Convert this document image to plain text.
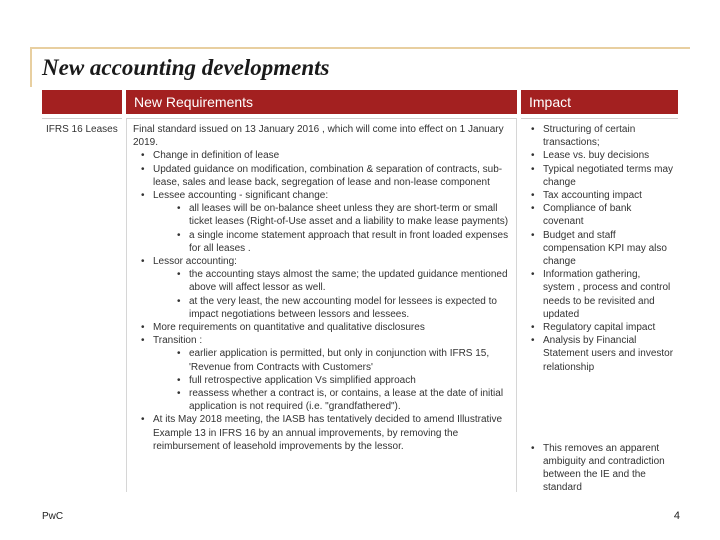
New accounting developments
New Requirements	Impact
IFRS 16 Leases Final standard issued on 13 January 2016 , which will come into effect on 1 January 2019.
• Change in definition of lease
• Updated guidance on modification, combination & separation of contracts, sub-lease, sales and lease back, segregation of lease and non-lease component
• Lessee accounting - significant change:
• all leases will be on-balance sheet unless they are short-term or small ticket leases (Right-of-Use asset and a liability to make lease payments)
• a single income statement approach that result in front loaded expenses for all leases .
• Lessor accounting:
• the accounting stays almost the same; the updated guidance mentioned above will affect lessor as well.
• at the very least, the new accounting model for lessees is expected to impact negotiations between lessors and lessees.
• More requirements on quantitative and qualitative disclosures
• Transition :
• earlier application is permitted, but only in conjunction with IFRS 15, 'Revenue from Contracts with Customers'
• full retrospective application Vs simplified approach
• reassess whether a contract is, or contains, a lease at the date of initial application is not required (i.e. "grandfathered").
• At its May 2018 meeting, the IASB has tentatively decided to amend Illustrative Example 13 in IFRS 16 by an annual improvements, by removing the reimbursement of leasehold improvements by the lessor.
• Structuring of certain transactions;
• Lease vs. buy decisions
• Typical negotiated terms may change
• Tax accounting impact
• Compliance of bank covenant
• Budget and staff compensation KPI may also change
• Information gathering, system , process and control needs to be revisited and updated
• Regulatory capital impact
• Analysis by Financial Statement users and investor relationship
• This removes an apparent ambiguity and contradiction between the IE and the standard
PwC	4
